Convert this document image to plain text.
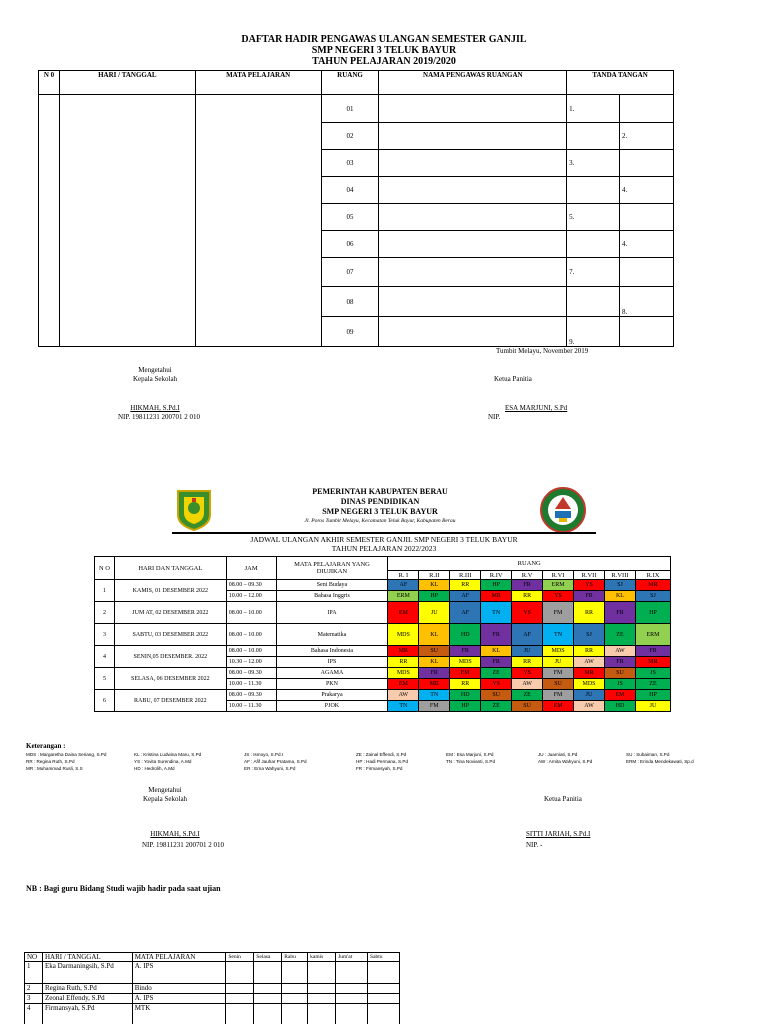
DAFTAR HADIR PENGAWAS ULANGAN SEMESTER GANJIL
SMP NEGERI 3 TELUK BAYUR
TAHUN PELAJARAN 2019/2020
N 0	HARI / TANGGAL	MATA PELAJARAN	RUANG	NAMA PENGAWAS RUANGAN	TANDA TANGAN	
			01		1.	
			02			2.
			03		3.	
			04			4.
			05		5.	
			06			4.
			07		7.	
			08			8.
			09		9.	
Tumbit Melayu, November 2019
Mengetahui
Kepala Sekolah	Ketua Panitia
HIKMAH, S.Pd.I
NIP. 19811231 200701 2 010
ESA MARJUNI, S.Pd
NIP.
PEMERINTAH KABUPATEN BERAU
DINAS PENDIDIKAN
SMP NEGERI 3 TELUK BAYUR
Jl. Poros Tumbit Melayu, Kecamatan Teluk Bayur, Kabupaten Berau
JADWAL ULANGAN AKHIR SEMESTER GANJIL SMP NEGERI 3 TELUK BAYUR
TAHUN PELAJARAN 2022/2023
N O	HARI DAN TANGGAL	JAM	MATA PELAJARAN YANG DIUJIKAN	RUANG								
				R. I	R.II	R.III	R.IV	R.V	R.VI	R.VII	R.VIII	R.IX
1	KAMIS, 01 DESEMBER 2022	08.00 – 09.30	Seni Budaya	AF	KL	RR	HP	FR	ERM	YS	SJ	MR
		10.00 – 12.00	Bahasa Inggris	ERM	HP	AF	MR	RR	YS	FR	KL	SJ
2	JUM AT, 02 DESEMBER 2022	08.00 – 10.00	IPA	EM	JU	AF	TN	YS	FM	RR	FR	HP
3	SABTU, 03 DESEMBER 2022	08.00 – 10.00	Matematika	MDS	KL	HD	FR	AF	TN	SJ	ZE	ERM
4	SENIN,05 DESEMBER. 2022	08.00 – 10.00	Bahasa Indonesia	MR	SU	FR	KL	JU	MDS	RR	AW	FR
		10.30 – 12.00	IPS	RR	KL	MDS	FR	RR	JU	AW	FR	MR
5	SELASA, 06 DESEMBER 2022	08.00 – 09.30	AGAMA	MDS	FR	EM	ZE	YS	FM	MR	SU	JS
		10.00 – 11.30	PKN	EM	MR	RR	YS	AW	SU	MDS	JS	ZE
6	RABU, 07 DESEMBER 2022	08.00 – 09.30	Prakarya	AW	TN	HD	SU	ZE	FM	JU	EM	HP
		10.00 – 11.30	PJOK	TN	FM	HP	ZE	SU	EM	AW	HD	JU
Keterangan :
MDS : Margaretha Daina Seriang, S.Pd	KL : Kristina Ludwina Maru, S.Pd	JS : Ismoyo, S.Pd.I	ZE : Zainal Effendi, S.Pd	EM : Esa Marjuni, S.Pd	JU : Juarniati, S.Pd	SU : Subaiman, S.Pd
RR : Regina Ruth, S.Pd	YS : Yovita Surendina, A.Md	AF : Afif Jauhar Pratama, S.Pd	HP : Hadi Permana, S.Pd	TN : Tina Novianti, S.Pd	AW : Arnita Wahyuni, S.Pd	ERM : Erinda Mendekawati, Sp.d
MR : Muhammad Rusli, S.S	HD : Hedrolih, A.Md	ER : Erna Wahyuni, S.Pd	FR : Firmansyah, S.Pd
Mengetahui
Kepala Sekolah	Ketua Panitia
HIKMAH, S.Pd.I
NIP. 19811231 200701 2 010
SITTI JARIAH, S.Pd.I
NIP. -
NB : Bagi guru Bidang Studi wajib hadir pada saat ujian
NO	HARI / TANGGAL	MATA PELAJARAN	Senin	Selasa	Rabu	kamis	Jum'at	Sabtu
1	Eka Darmaningsih, S.Pd	A. IPS						
2	Regina Ruth, S.Pd	Bindo						
3	Zeonal Effendy, S.Pd	A. IPS						
4	Firmansyah, S.Pd	MTK						
